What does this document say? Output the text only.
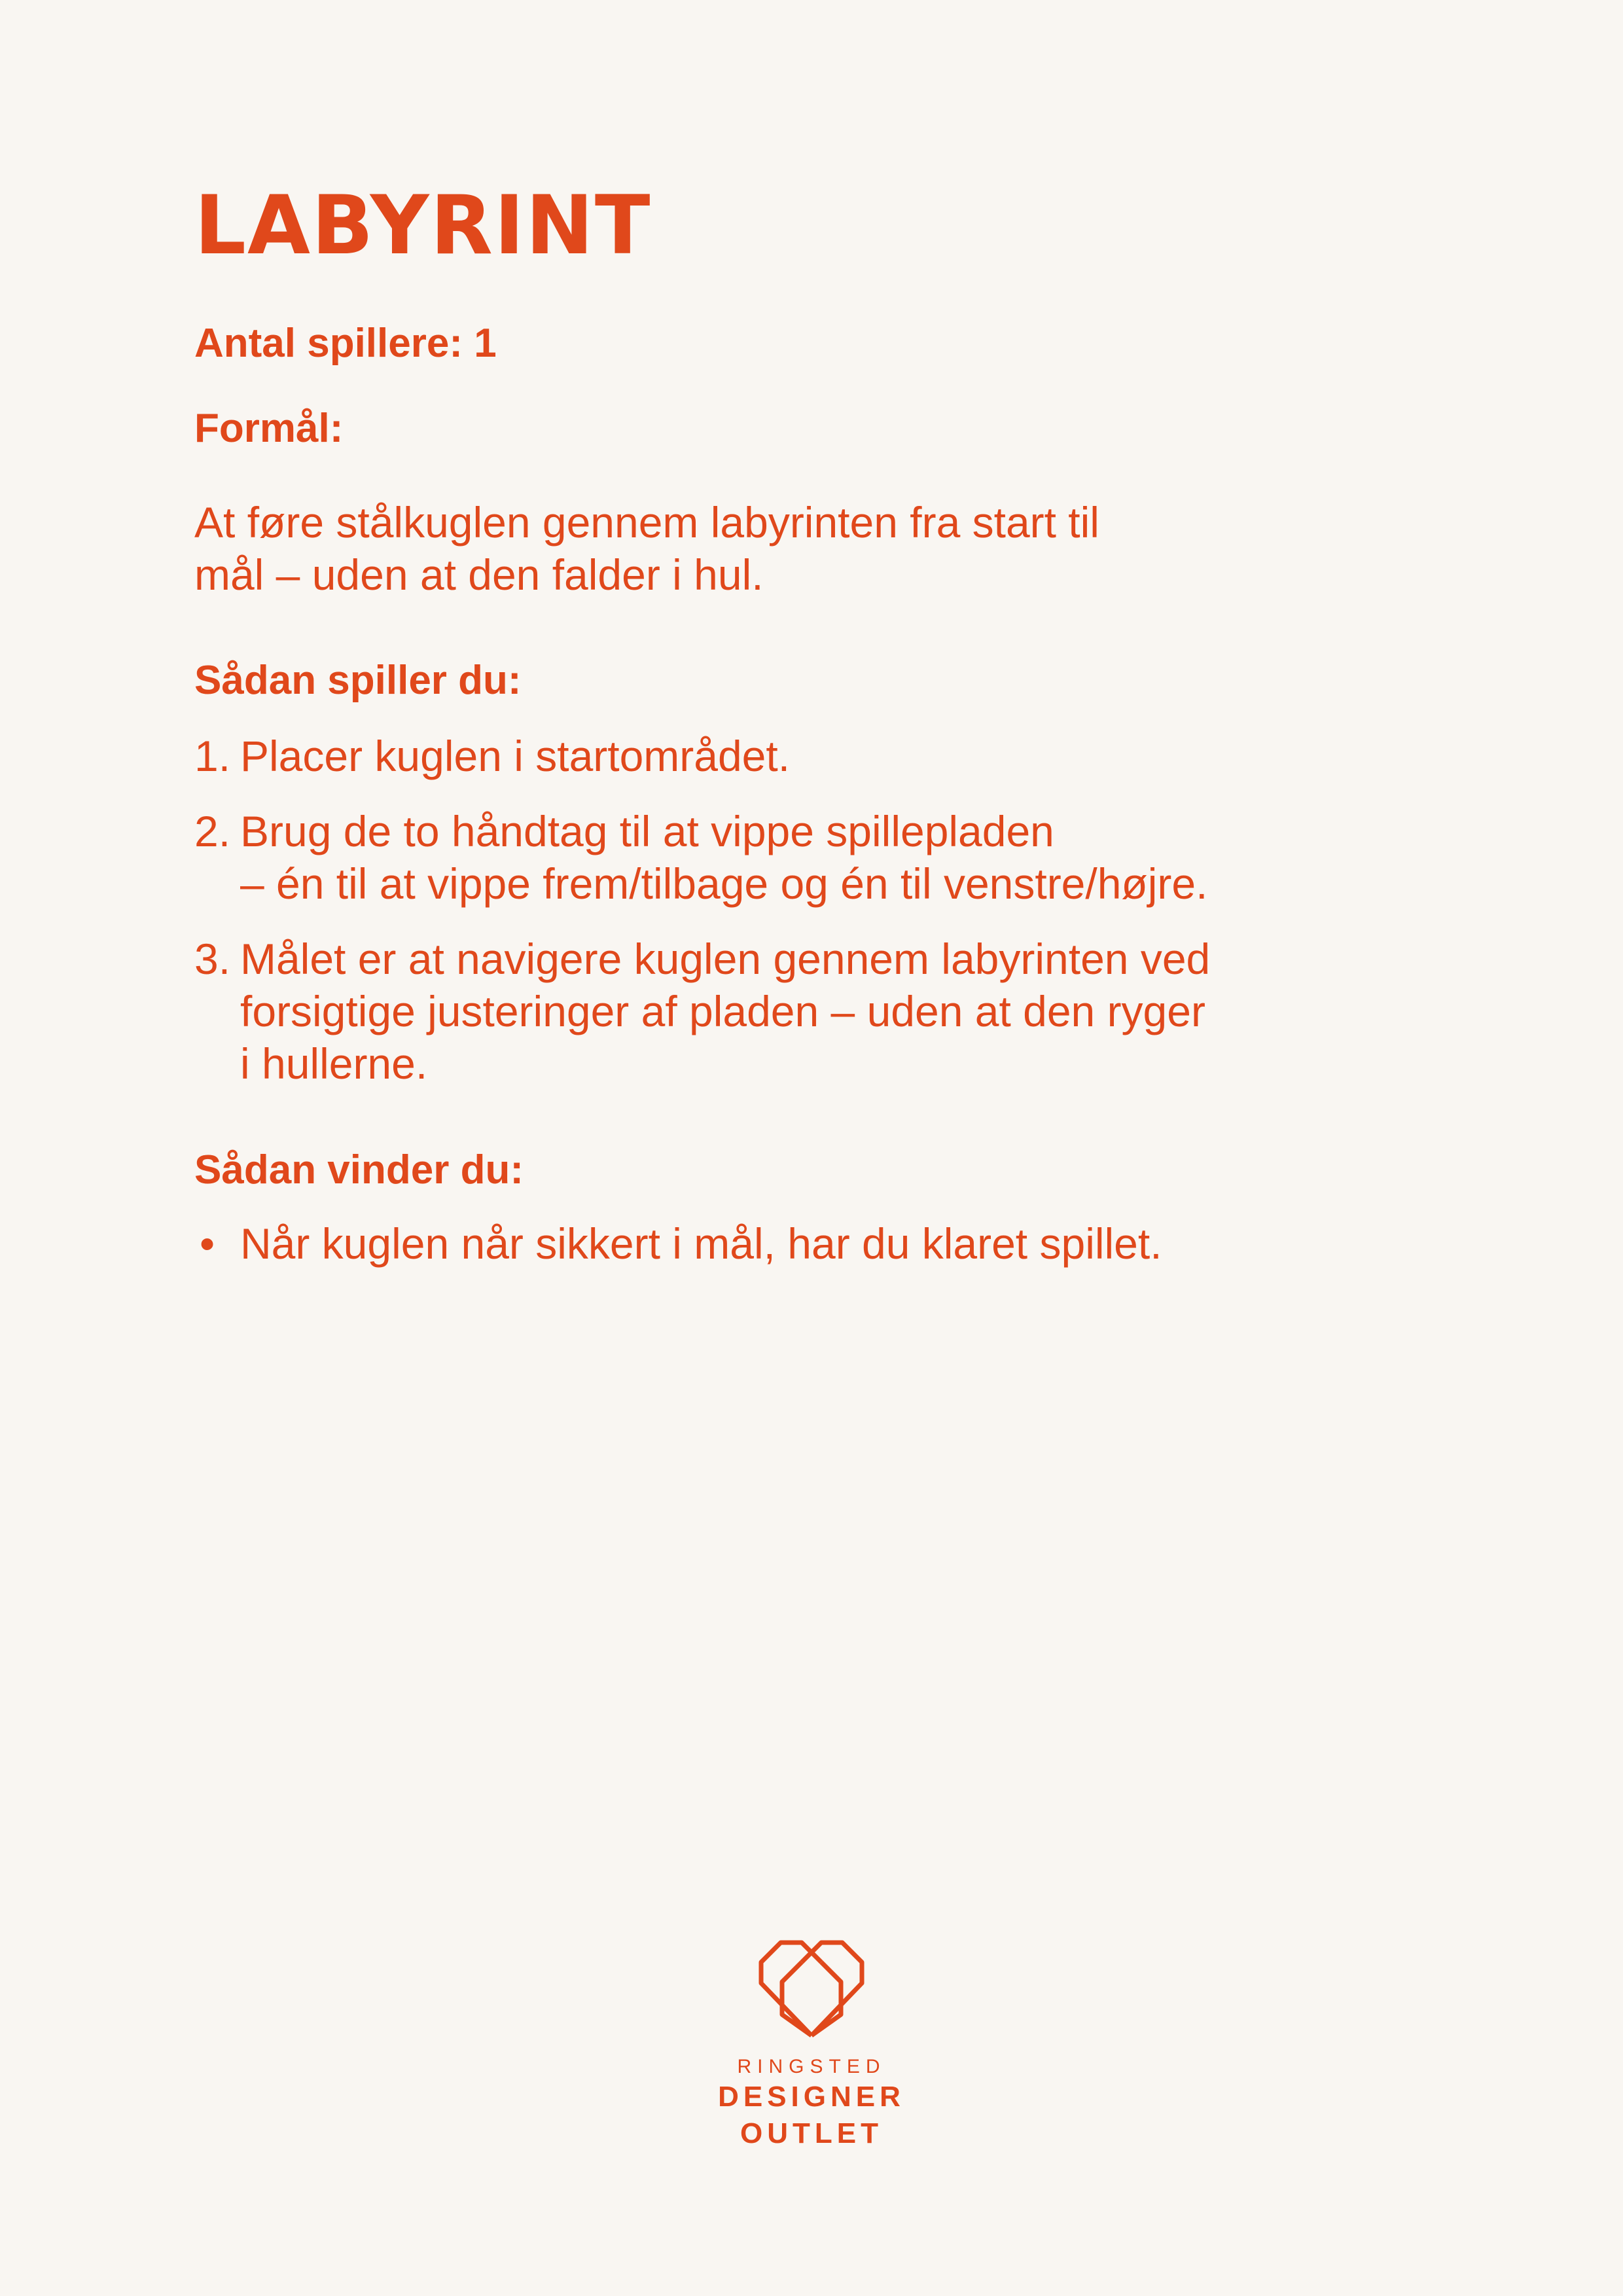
LABYRINT

Antal spillere: 1

Formål:

At føre stålkuglen gennem labyrinten fra start til
mål – uden at den falder i hul.

Sådan spiller du:

1. Placer kuglen i startområdet.
2. Brug de to håndtag til at vippe spillepladen
– én til at vippe frem/tilbage og én til venstre/højre.
3. Målet er at navigere kuglen gennem labyrinten ved
forsigtige justeringer af pladen – uden at den ryger
i hullerne.

Sådan vinder du:

• Når kuglen når sikkert i mål, har du klaret spillet.
RINGSTED
DESIGNER
OUTLET
